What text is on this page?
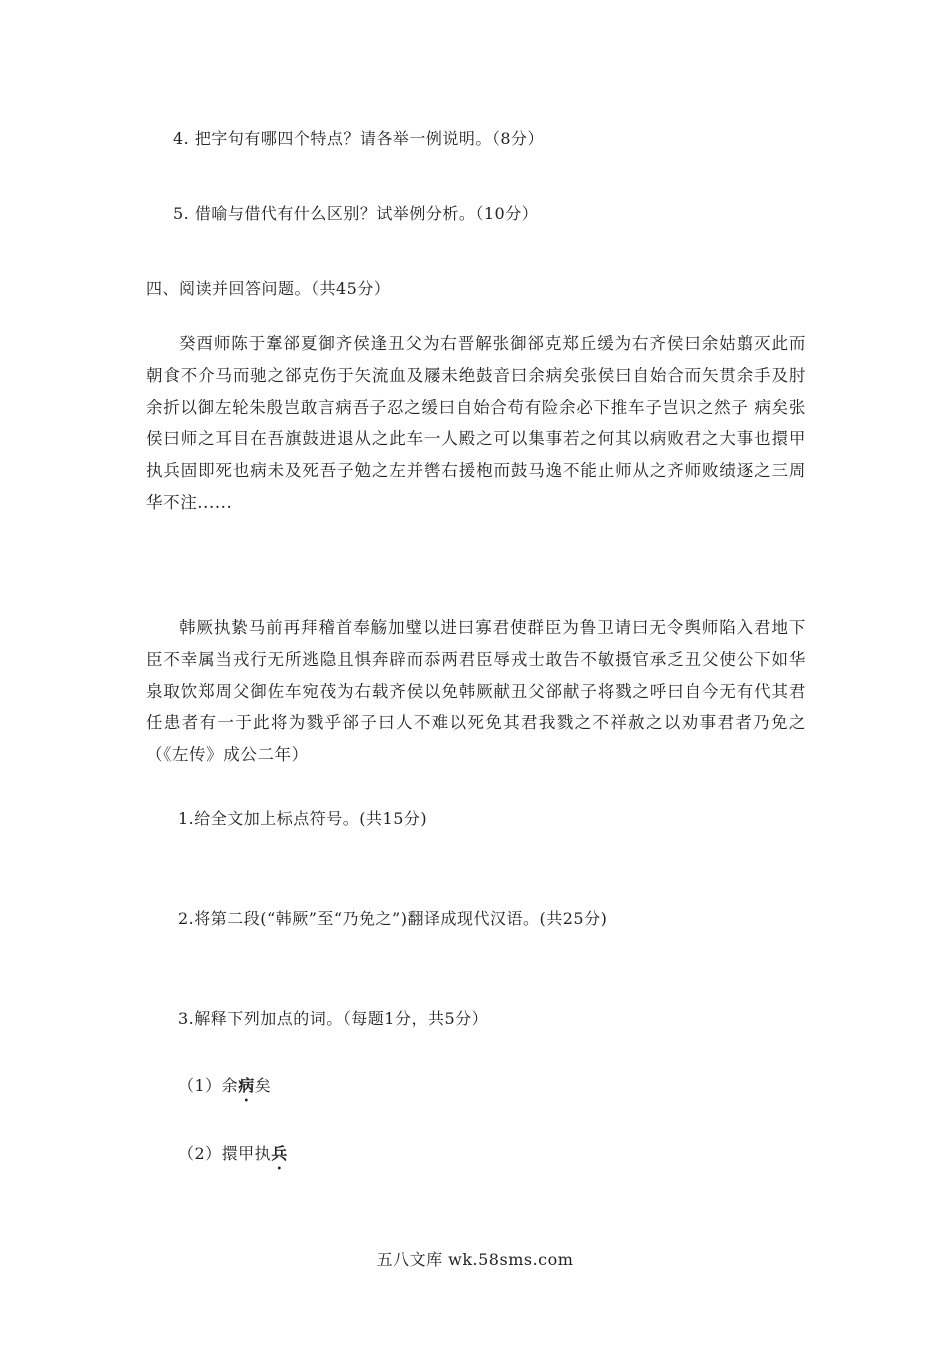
4. 把字句有哪四个特点？请各举一例说明。（8分）
5. 借喻与借代有什么区别？试举例分析。（10分）
四、阅读并回答问题。（共45分）
癸酉师陈于鞌郤夏御齐侯逢丑父为右晋解张御郤克郑丘缓为右齐侯曰余姑翦灭此而朝食不介马而驰之郤克伤于矢流血及屦未绝鼓音曰余病矣张侯曰自始合而矢贯余手及肘余折以御左轮朱殷岂敢言病吾子忍之缓曰自始合苟有险余必下推车子岂识之然子 病矣张侯曰师之耳目在吾旗鼓进退从之此车一人殿之可以集事若之何其以病败君之大事也擐甲执兵固即死也病未及死吾子勉之左并辔右援枹而鼓马逸不能止师从之齐师败绩逐之三周华不注......
韩厥执絷马前再拜稽首奉觞加璧以进曰寡君使群臣为鲁卫请曰无令舆师陷入君地下臣不幸属当戎行无所逃隐且惧奔辟而忝两君臣辱戎士敢告不敏摄官承乏丑父使公下如华泉取饮郑周父御佐车宛茷为右载齐侯以免韩厥献丑父郤献子将戮之呼曰自今无有代其君任患者有一于此将为戮乎郤子曰人不难以死免其君我戮之不祥赦之以劝事君者乃免之 （《左传》成公二年）
1.给全文加上标点符号。(共15分)
2.将第二段(“韩厥”至“乃免之”)翻译成现代汉语。(共25分)
3.解释下列加点的词。（每题1分，共5分）
（1）余病矣
（2）擐甲执兵
五八文库 wk.58sms.com
